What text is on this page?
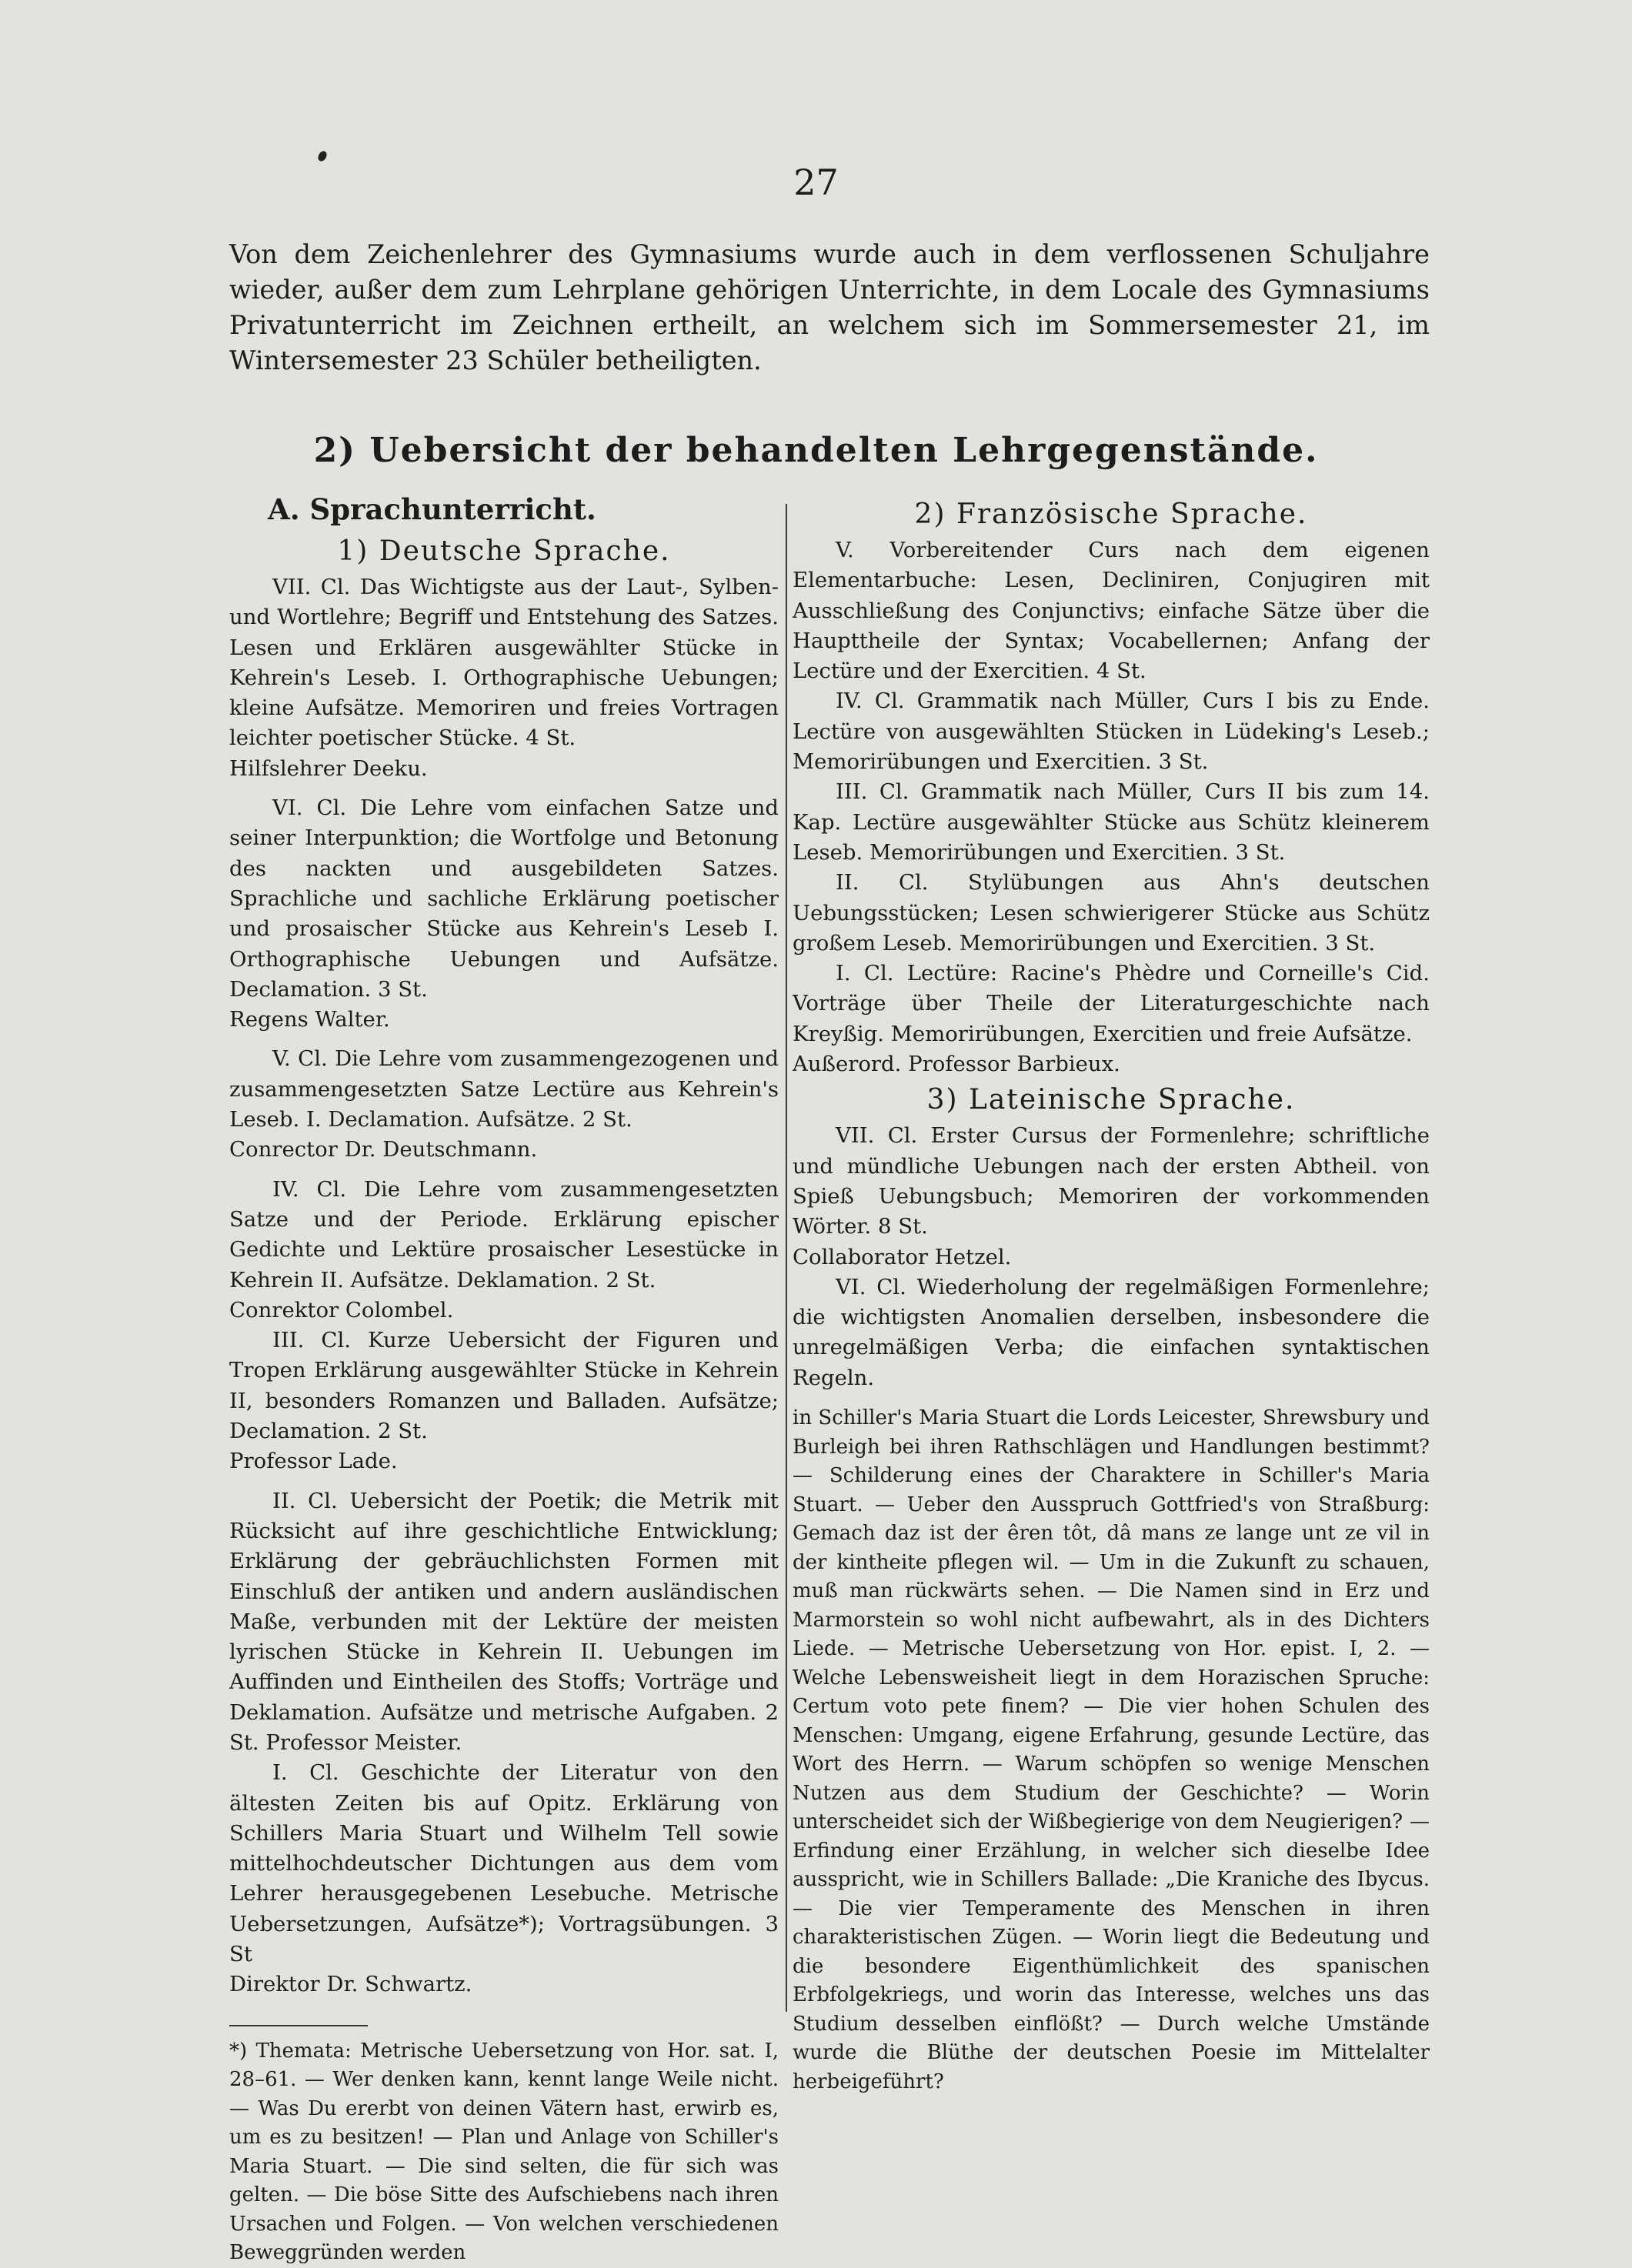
27

Von dem Zeichenlehrer des Gymnasiums wurde auch in dem verflossenen Schuljahre wieder, außer dem zum Lehrplane gehörigen Unterrichte, in dem Locale des Gymnasiums Privatunterricht im Zeichnen ertheilt, an welchem sich im Sommersemester 21, im Wintersemester 23 Schüler betheiligten.

2) Uebersicht der behandelten Lehrgegenstände.
A. Sprachunterricht.
1) Deutsche Sprache.

VII. Cl. Das Wichtigste aus der Laut-, Sylben- und Wortlehre; Begriff und Entstehung des Satzes. Lesen und Erklären ausgewählter Stücke in Kehrein's Leseb. I. Orthographische Uebungen; kleine Aufsätze. Memoriren und freies Vortragen leichter poetischer Stücke. 4 St.

Hilfslehrer Deeku.

VI. Cl. Die Lehre vom einfachen Satze und seiner Interpunktion; die Wortfolge und Betonung des nackten und ausgebildeten Satzes. Sprachliche und sachliche Erklärung poetischer und prosaischer Stücke aus Kehrein's Leseb I. Orthographische Uebungen und Aufsätze. Declamation. 3 St.

Regens Walter.

V. Cl. Die Lehre vom zusammengezogenen und zusammengesetzten Satze Lectüre aus Kehrein's Leseb. I. Declamation. Aufsätze. 2 St.

Conrector Dr. Deutschmann.

IV. Cl. Die Lehre vom zusammengesetzten Satze und der Periode. Erklärung epischer Gedichte und Lektüre prosaischer Lesestücke in Kehrein II. Aufsätze. Deklamation. 2 St.

Conrektor Colombel.

III. Cl. Kurze Uebersicht der Figuren und Tropen Erklärung ausgewählter Stücke in Kehrein II, besonders Romanzen und Balladen. Aufsätze; Declamation. 2 St.

Professor Lade.

II. Cl. Uebersicht der Poetik; die Metrik mit Rücksicht auf ihre geschichtliche Entwicklung; Erklärung der gebräuchlichsten Formen mit Einschluß der antiken und andern ausländischen Maße, verbunden mit der Lektüre der meisten lyrischen Stücke in Kehrein II. Uebungen im Auffinden und Eintheilen des Stoffs; Vorträge und Deklamation. Aufsätze und metrische Aufgaben. 2 St. Professor Meister.

I. Cl. Geschichte der Literatur von den ältesten Zeiten bis auf Opitz. Erklärung von Schillers Maria Stuart und Wilhelm Tell sowie mittelhochdeutscher Dichtungen aus dem vom Lehrer herausgegebenen Lesebuche. Metrische Uebersetzungen, Aufsätze*); Vortragsübungen. 3 St

Direktor Dr. Schwartz.

*) Themata: Metrische Uebersetzung von Hor. sat. I, 28–61. — Wer denken kann, kennt lange Weile nicht. — Was Du ererbt von deinen Vätern hast, erwirb es, um es zu besitzen! — Plan und Anlage von Schiller's Maria Stuart. — Die sind selten, die für sich was gelten. — Die böse Sitte des Aufschiebens nach ihren Ursachen und Folgen. — Von welchen verschiedenen Beweggründen werden

2) Französische Sprache.

V. Vorbereitender Curs nach dem eigenen Elementarbuche: Lesen, Decliniren, Conjugiren mit Ausschließung des Conjunctivs; einfache Sätze über die Haupttheile der Syntax; Vocabellernen; Anfang der Lectüre und der Exercitien. 4 St.

IV. Cl. Grammatik nach Müller, Curs I bis zu Ende. Lectüre von ausgewählten Stücken in Lüdeking's Leseb.; Memorirübungen und Exercitien. 3 St.

III. Cl. Grammatik nach Müller, Curs II bis zum 14. Kap. Lectüre ausgewählter Stücke aus Schütz kleinerem Leseb. Memorirübungen und Exercitien. 3 St.

II. Cl. Stylübungen aus Ahn's deutschen Uebungsstücken; Lesen schwierigerer Stücke aus Schütz großem Leseb. Memorirübungen und Exercitien. 3 St.

I. Cl. Lectüre: Racine's Phèdre und Corneille's Cid. Vorträge über Theile der Literaturgeschichte nach Kreyßig. Memorirübungen, Exercitien und freie Aufsätze.

Außerord. Professor Barbieux.

3) Lateinische Sprache.

VII. Cl. Erster Cursus der Formenlehre; schriftliche und mündliche Uebungen nach der ersten Abtheil. von Spieß Uebungsbuch; Memoriren der vorkommenden Wörter. 8 St.

Collaborator Hetzel.

VI. Cl. Wiederholung der regelmäßigen Formenlehre; die wichtigsten Anomalien derselben, insbesondere die unregelmäßigen Verba; die einfachen syntaktischen Regeln.

in Schiller's Maria Stuart die Lords Leicester, Shrewsbury und Burleigh bei ihren Rathschlägen und Handlungen bestimmt? — Schilderung eines der Charaktere in Schiller's Maria Stuart. — Ueber den Ausspruch Gottfried's von Straßburg: Gemach daz ist der êren tôt, dâ mans ze lange unt ze vil in der kintheite pflegen wil. — Um in die Zukunft zu schauen, muß man rückwärts sehen. — Die Namen sind in Erz und Marmorstein so wohl nicht aufbewahrt, als in des Dichters Liede. — Metrische Uebersetzung von Hor. epist. I, 2. — Welche Lebensweisheit liegt in dem Horazischen Spruche: Certum voto pete finem? — Die vier hohen Schulen des Menschen: Umgang, eigene Erfahrung, gesunde Lectüre, das Wort des Herrn. — Warum schöpfen so wenige Menschen Nutzen aus dem Studium der Geschichte? — Worin unterscheidet sich der Wißbegierige von dem Neugierigen? — Erfindung einer Erzählung, in welcher sich dieselbe Idee ausspricht, wie in Schillers Ballade: „Die Kraniche des Ibycus. — Die vier Temperamente des Menschen in ihren charakteristischen Zügen. — Worin liegt die Bedeutung und die besondere Eigenthümlichkeit des spanischen Erbfolgekriegs, und worin das Interesse, welches uns das Studium desselben einflößt? — Durch welche Umstände wurde die Blüthe der deutschen Poesie im Mittelalter herbeigeführt?
